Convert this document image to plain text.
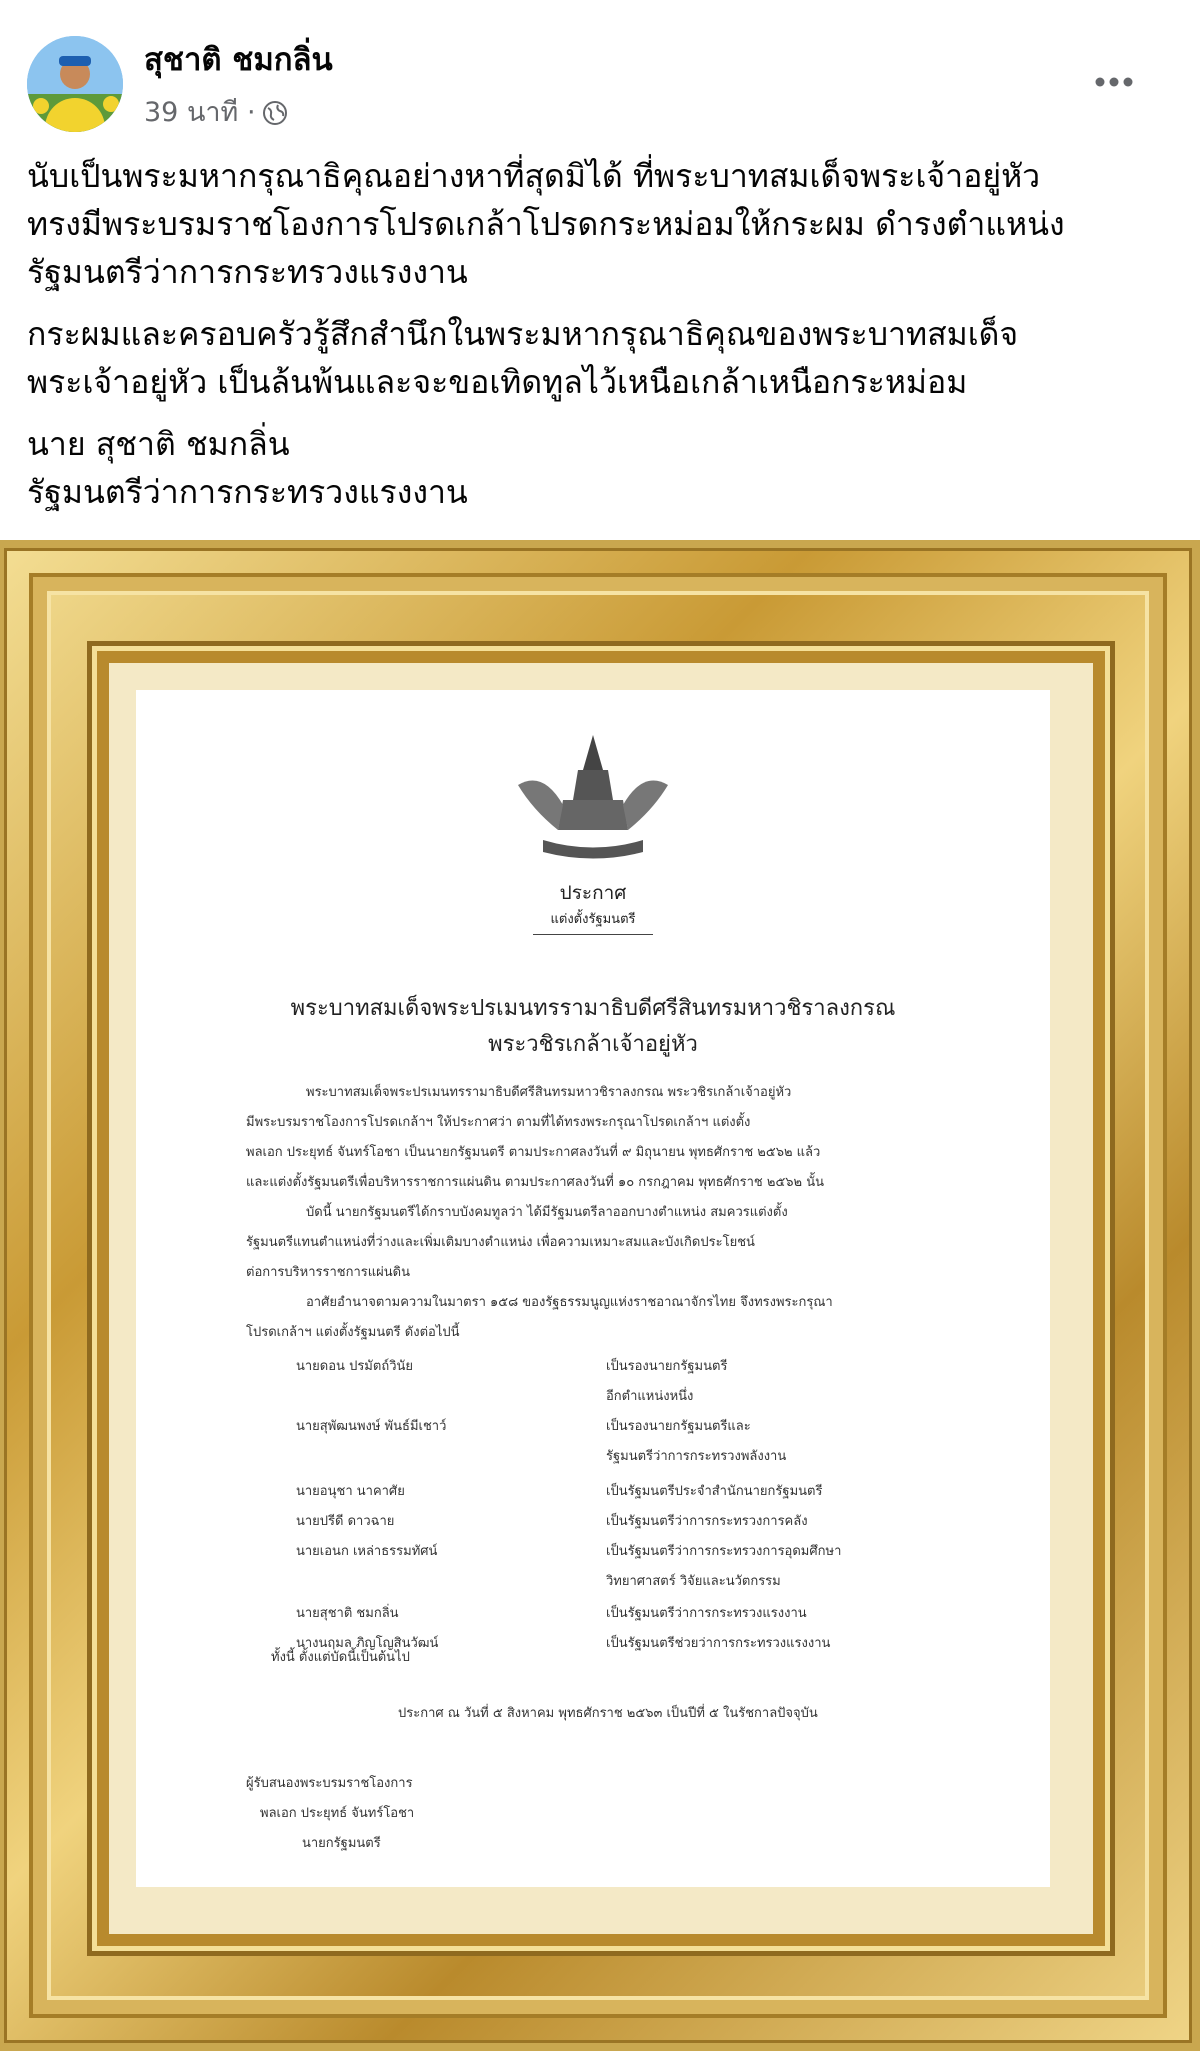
สุชาติ ชมกลิ่น
39 นาที ·

นับเป็นพระมหากรุณาธิคุณอย่างหาที่สุดมิได้ ที่พระบาทสมเด็จพระเจ้าอยู่หัว
ทรงมีพระบรมราชโองการโปรดเกล้าโปรดกระหม่อมให้กระผม ดำรงตำแหน่ง
รัฐมนตรีว่าการกระทรวงแรงงาน

กระผมและครอบครัวรู้สึกสำนึกในพระมหากรุณาธิคุณของพระบาทสมเด็จ
พระเจ้าอยู่หัว เป็นล้นพ้นและจะขอเทิดทูลไว้เหนือเกล้าเหนือกระหม่อม

นาย สุชาติ ชมกลิ่น
รัฐมนตรีว่าการกระทรวงแรงงาน

ประกาศ
แต่งตั้งรัฐมนตรี
พระบาทสมเด็จพระปรเมนทรรามาธิบดีศรีสินทรมหาวชิราลงกรณ
พระวชิรเกล้าเจ้าอยู่หัว
พระบาทสมเด็จพระปรเมนทรรามาธิบดีศรีสินทรมหาวชิราลงกรณ พระวชิรเกล้าเจ้าอยู่หัว
มีพระบรมราชโองการโปรดเกล้าฯ ให้ประกาศว่า ตามที่ได้ทรงพระกรุณาโปรดเกล้าฯ แต่งตั้ง
พลเอก ประยุทธ์ จันทร์โอชา เป็นนายกรัฐมนตรี ตามประกาศลงวันที่ ๙ มิถุนายน พุทธศักราช ๒๕๖๒ แล้ว
และแต่งตั้งรัฐมนตรีเพื่อบริหารราชการแผ่นดิน ตามประกาศลงวันที่ ๑๐ กรกฎาคม พุทธศักราช ๒๕๖๒ นั้น
บัดนี้ นายกรัฐมนตรีได้กราบบังคมทูลว่า ได้มีรัฐมนตรีลาออกบางตำแหน่ง สมควรแต่งตั้ง
รัฐมนตรีแทนตำแหน่งที่ว่างและเพิ่มเติมบางตำแหน่ง เพื่อความเหมาะสมและบังเกิดประโยชน์
ต่อการบริหารราชการแผ่นดิน
อาศัยอำนาจตามความในมาตรา ๑๕๘ ของรัฐธรรมนูญแห่งราชอาณาจักรไทย จึงทรงพระกรุณา
โปรดเกล้าฯ แต่งตั้งรัฐมนตรี ดังต่อไปนี้
นายดอน ปรมัตถ์วินัย	เป็นรองนายกรัฐมนตรี
อีกตำแหน่งหนึ่ง
นายสุพัฒนพงษ์ พันธ์มีเชาว์	เป็นรองนายกรัฐมนตรีและ
รัฐมนตรีว่าการกระทรวงพลังงาน
นายอนุชา นาคาศัย	เป็นรัฐมนตรีประจำสำนักนายกรัฐมนตรี
นายปรีดี ดาวฉาย	เป็นรัฐมนตรีว่าการกระทรวงการคลัง
นายเอนก เหล่าธรรมทัศน์	เป็นรัฐมนตรีว่าการกระทรวงการอุดมศึกษา
วิทยาศาสตร์ วิจัยและนวัตกรรม
นายสุชาติ ชมกลิ่น	เป็นรัฐมนตรีว่าการกระทรวงแรงงาน
นางนฤมล ภิญโญสินวัฒน์	เป็นรัฐมนตรีช่วยว่าการกระทรวงแรงงาน
ทั้งนี้ ตั้งแต่บัดนี้เป็นต้นไป
ประกาศ ณ วันที่ ๕ สิงหาคม พุทธศักราช ๒๕๖๓ เป็นปีที่ ๕ ในรัชกาลปัจจุบัน
ผู้รับสนองพระบรมราชโองการ
พลเอก ประยุทธ์ จันทร์โอชา
นายกรัฐมนตรี
